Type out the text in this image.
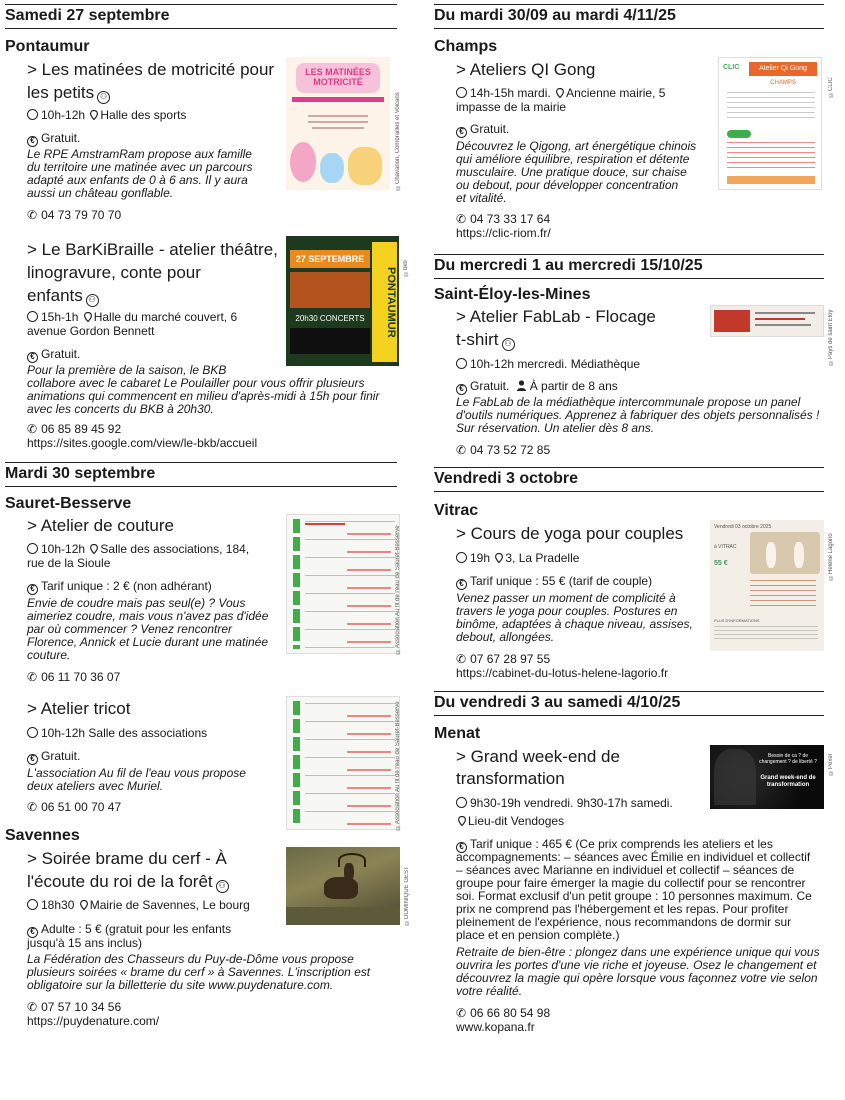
Samedi 27 septembre
Pontaumur
> Les matinées de motricité pour
les petits ⚇
10h-12h Halle des sports
€ Gratuit.
Le RPE AmstramRam propose aux famille
du territoire une matinée avec un parcours
adapté aux enfants de 0 à 6 ans. Il y aura
aussi un château gonflable.
✆ 04 73 79 70 70
LES MATINÉES MOTRICITÉ
©Chavanon, Combrailles et Volcans
> Le BarKiBraille - atelier théâtre,
linogravure, conte pour
enfants ⚇
15h-1h Halle du marché couvert, 6
avenue Gordon Bennett
€ Gratuit.
Pour la première de la saison, le BKB
collabore avec le cabaret Le Poulailler pour vous offrir plusieurs
animations qui commencent en milieu d'après-midi à 15h pour finir
avec les concerts du BKB à 20h30.
✆ 06 85 89 45 92
https://sites.google.com/view/le-bkb/accueil
27 SEPTEMBRE
PONTAUMUR
20h30 CONCERTS
©bkb
Mardi 30 septembre
Sauret-Besserve
> Atelier de couture
10h-12h Salle des associations, 184,
rue de la Sioule
€ Tarif unique : 2 € (non adhérant)
Envie de coudre mais pas seul(e) ? Vous
aimeriez coudre, mais vous n'avez pas d'idée
par où commencer ? Venez rencontrer
Florence, Annick et Lucie durant une matinée
couture.
✆ 06 11 70 36 07
©Association Au fil de l'eau de Sauret-Besserve
> Atelier tricot
10h-12h Salle des associations
€ Gratuit.
L'association Au fil de l'eau vous propose
deux ateliers avec Muriel.
✆ 06 51 00 70 47	©Association Au fil de l'eau de Sauret-Besserve
Savennes
> Soirée brame du cerf - À
l'écoute du roi de la forêt ⚇
18h30 Mairie de Savennes, Le bourg
€ Adulte : 5 € (gratuit pour les enfants
jusqu'à 15 ans inclus)
La Fédération des Chasseurs du Puy-de-Dôme vous propose
plusieurs soirées « brame du cerf » à Savennes. L'inscription est
obligatoire sur la billetterie du site www.puydenature.com.
✆ 07 57 10 34 56
https://puydenature.com/
©DOMINIQUE GEST
Du mardi 30/09 au mardi 4/11/25
Champs
> Ateliers QI Gong
14h-15h mardi. Ancienne mairie, 5
impasse de la mairie
€ Gratuit.
Découvrez le Qigong, art énergétique chinois
qui améliore équilibre, respiration et détente
musculaire. Une pratique douce, sur chaise
ou debout, pour développer concentration
et vitalité.
✆ 04 73 33 17 64
https://clic-riom.fr/
CLIC	Atelier Qi Gong
CHAMPS	©CLIC
Du mercredi 1 au mercredi 15/10/25
Saint-Éloy-les-Mines
> Atelier FabLab - Flocage
t-shirt ⚇
10h-12h mercredi. Médiathèque
€ Gratuit. À partir de 8 ans
Le FabLab de la médiathèque intercommunale propose un panel
d'outils numériques. Apprenez à fabriquer des objets personnalisés !
Sur réservation. Un atelier dès 8 ans.
✆ 04 73 52 72 85
©Pays de saint Eloy
Vendredi 3 octobre
Vitrac
> Cours de yoga pour couples
19h 3, La Pradelle
€ Tarif unique : 55 € (tarif de couple)
Venez passer un moment de complicité à
travers le yoga pour couples. Postures en
binôme, adaptées à chaque niveau, assises,
debout, allongées.
✆ 07 67 28 97 55
https://cabinet-du-lotus-helene-lagorio.fr
Vendredi 03 octobre 2025
à VITRAC
55 €
PLUS D'INFORMATIONS
©Hélène Lagorio
Du vendredi 3 au samedi 4/10/25
Menat
> Grand week-end de
transformation
9h30-19h vendredi. 9h30-17h samedi.
Lieu-dit Vendoges
€ Tarif unique : 465 € (Ce prix comprends les ateliers et les
accompagnements: – séances avec Émilie en individuel et collectif
– séances avec Marianne en individuel et collectif – séances de
groupe pour faire émerger la magie du collectif pour se rencontrer
soi. Format exclusif d'un petit groupe : 10 personnes maximum. Ce
prix ne comprend pas l'hébergement et les repas. Pour profiter
pleinement de l'expérience, nous recommandons de dormir sur
place et en pension complète.)
Retraite de bien-être : plongez dans une expérience unique qui vous
ouvrira les portes d'une vie riche et joyeuse. Osez le changement et
découvrez la magie qui opère lorsque vous façonnez votre vie selon
votre réalité.
✆ 06 66 80 54 98
www.kopana.fr
Besoin de ca ? de changement ? de liberté ?
Grand week-end de transformation
©Pexel
